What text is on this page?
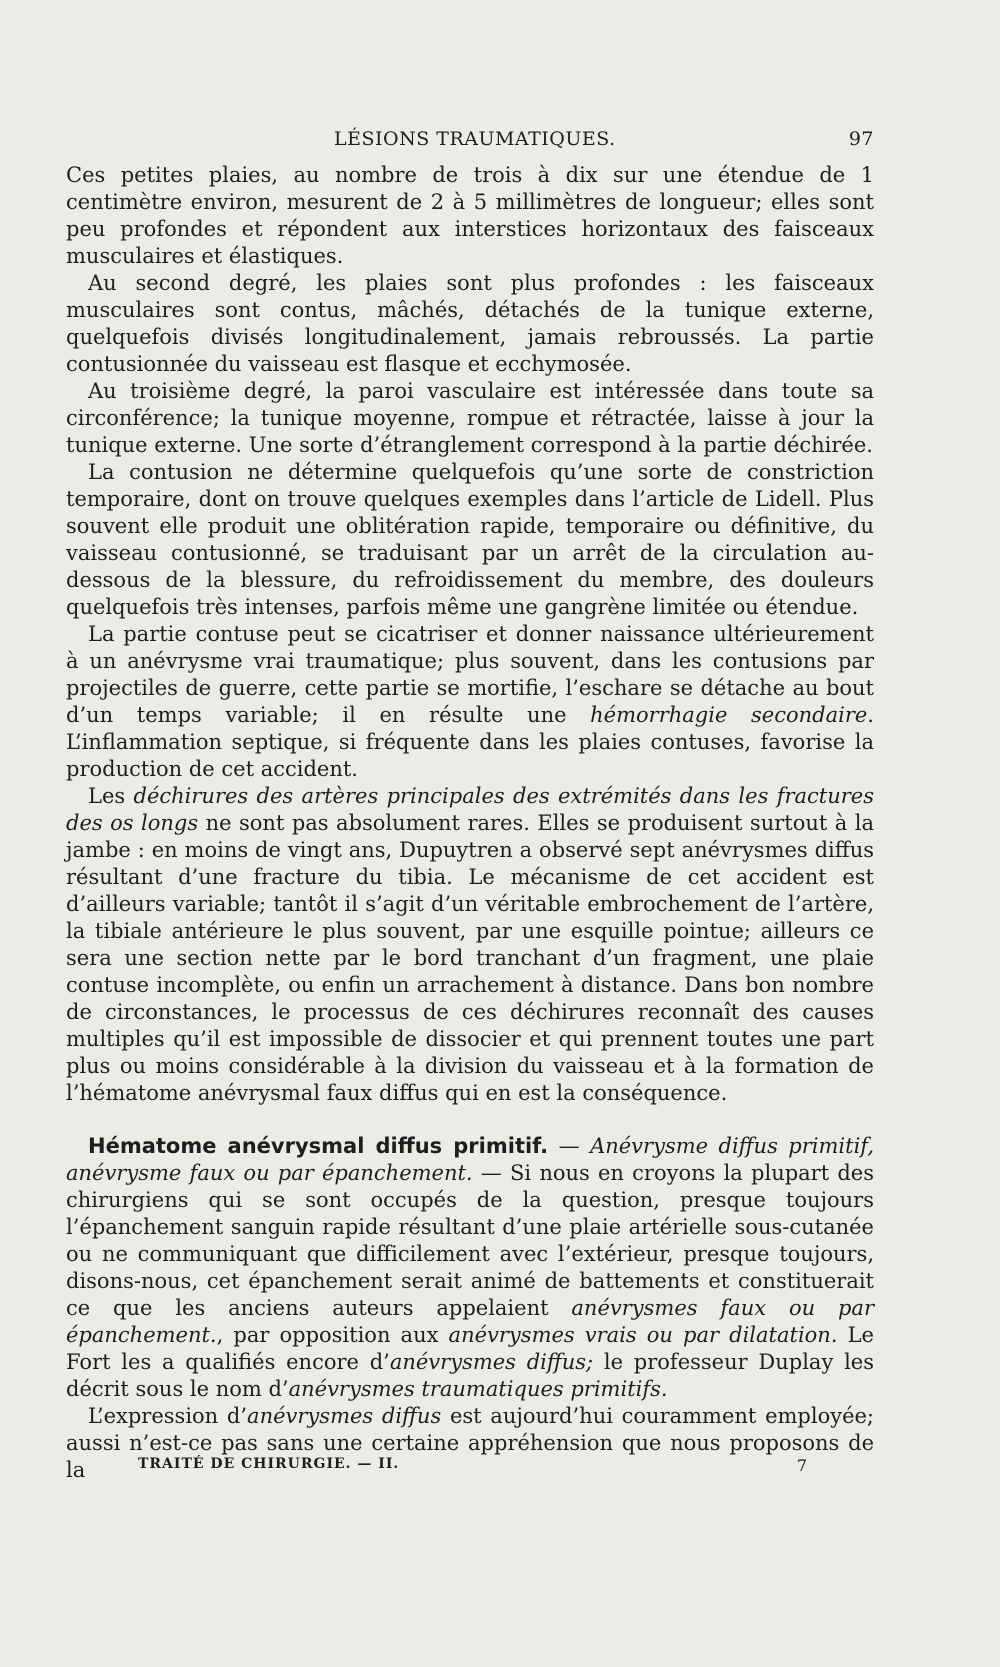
LÉSIONS TRAUMATIQUES.	97

Ces petites plaies, au nombre de trois à dix sur une étendue de 1 centimètre environ, mesurent de 2 à 5 millimètres de longueur; elles sont peu profondes et répondent aux interstices horizontaux des faisceaux musculaires et élastiques.

Au second degré, les plaies sont plus profondes : les faisceaux musculaires sont contus, mâchés, détachés de la tunique externe, quelquefois divisés longitudinalement, jamais rebroussés. La partie contusionnée du vaisseau est flasque et ecchymosée.

Au troisième degré, la paroi vasculaire est intéressée dans toute sa circonférence; la tunique moyenne, rompue et rétractée, laisse à jour la tunique externe. Une sorte d’étranglement correspond à la partie déchirée.

La contusion ne détermine quelquefois qu’une sorte de constriction temporaire, dont on trouve quelques exemples dans l’article de Lidell. Plus souvent elle produit une oblitération rapide, temporaire ou définitive, du vaisseau contusionné, se traduisant par un arrêt de la circulation au-dessous de la blessure, du refroidissement du membre, des douleurs quelquefois très intenses, parfois même une gangrène limitée ou étendue.

La partie contuse peut se cicatriser et donner naissance ultérieurement à un anévrysme vrai traumatique; plus souvent, dans les contusions par projectiles de guerre, cette partie se mortifie, l’eschare se détache au bout d’un temps variable; il en résulte une hémorrhagie secondaire. L’inflammation septique, si fréquente dans les plaies contuses, favorise la production de cet accident.

Les déchirures des artères principales des extrémités dans les fractures des os longs ne sont pas absolument rares. Elles se produisent surtout à la jambe : en moins de vingt ans, Dupuytren a observé sept anévrysmes diffus résultant d’une fracture du tibia. Le mécanisme de cet accident est d’ailleurs variable; tantôt il s’agit d’un véritable embrochement de l’artère, la tibiale antérieure le plus souvent, par une esquille pointue; ailleurs ce sera une section nette par le bord tranchant d’un fragment, une plaie contuse incomplète, ou enfin un arrachement à distance. Dans bon nombre de circonstances, le processus de ces déchirures reconnaît des causes multiples qu’il est impossible de dissocier et qui prennent toutes une part plus ou moins considérable à la division du vaisseau et à la formation de l’hématome anévrysmal faux diffus qui en est la conséquence.

Hématome anévrysmal diffus primitif. — Anévrysme diffus primitif, anévrysme faux ou par épanchement. — Si nous en croyons la plupart des chirurgiens qui se sont occupés de la question, presque toujours l’épanchement sanguin rapide résultant d’une plaie artérielle sous-cutanée ou ne communiquant que difficilement avec l’extérieur, presque toujours, disons-nous, cet épanchement serait animé de battements et constituerait ce que les anciens auteurs appelaient anévrysmes faux ou par épanchement., par opposition aux anévrysmes vrais ou par dilatation. Le Fort les a qualifiés encore d’anévrysmes diffus; le professeur Duplay les décrit sous le nom d’anévrysmes traumatiques primitifs.

L’expression d’anévrysmes diffus est aujourd’hui couramment employée; aussi n’est-ce pas sans une certaine appréhension que nous proposons de la	TRAITÉ DE CHIRURGIE. — II.	7
